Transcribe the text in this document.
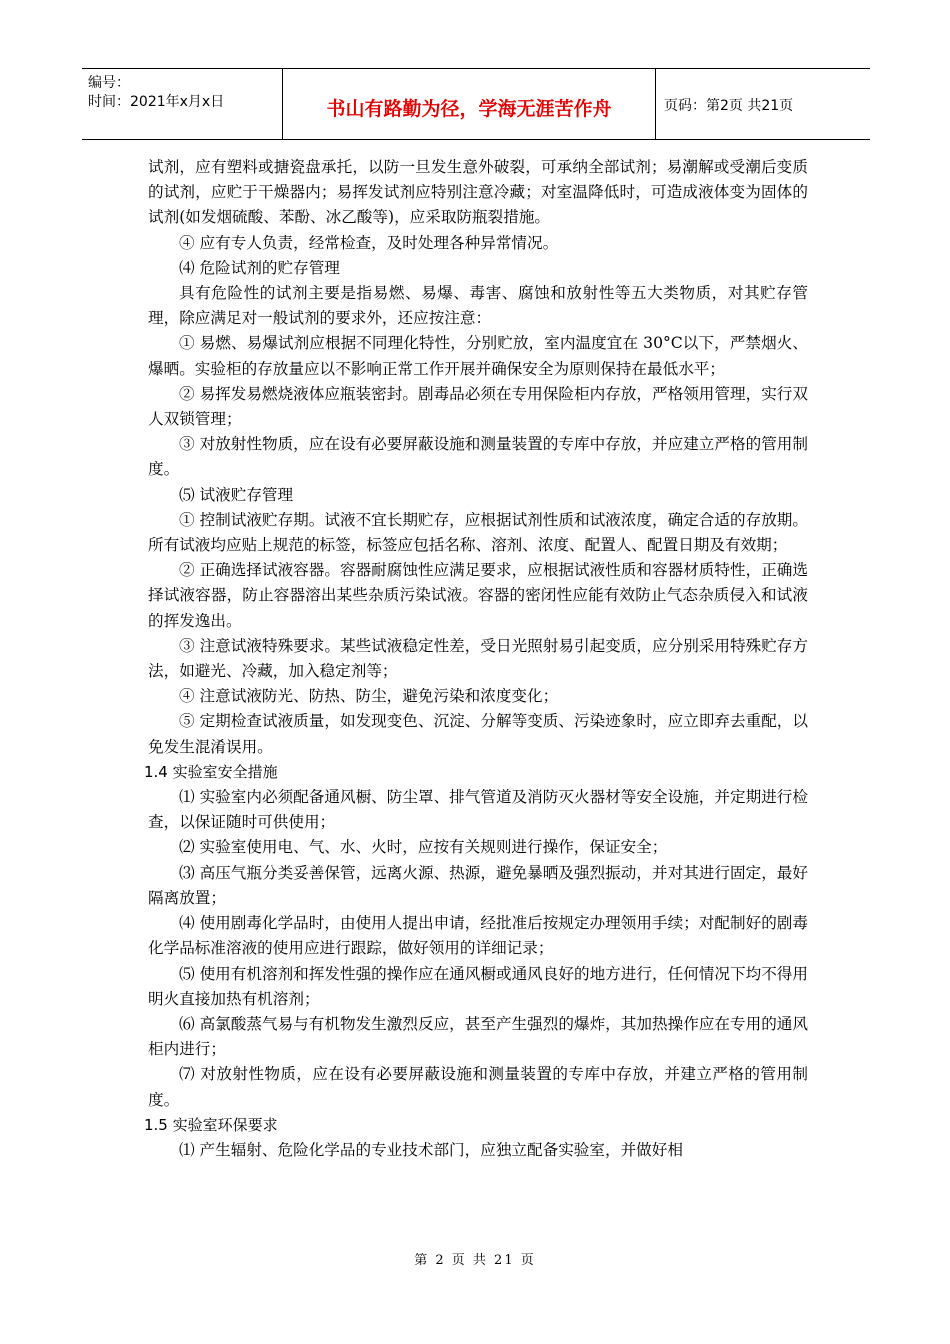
编号：
时间：2021年x月x日	书山有路勤为径，学海无涯苦作舟	页码：第2页 共21页

试剂，应有塑料或搪瓷盘承托，以防一旦发生意外破裂，可承纳全部试剂；易潮解或受潮后变质的试剂，应贮于干燥器内；易挥发试剂应特别注意冷藏；对室温降低时，可造成液体变为固体的试剂(如发烟硫酸、苯酚、冰乙酸等)，应采取防瓶裂措施。

④ 应有专人负责，经常检查，及时处理各种异常情况。

⑷ 危险试剂的贮存管理

具有危险性的试剂主要是指易燃、易爆、毒害、腐蚀和放射性等五大类物质，对其贮存管理，除应满足对一般试剂的要求外，还应按注意：

① 易燃、易爆试剂应根据不同理化特性，分别贮放，室内温度宜在 30°C以下，严禁烟火、爆晒。实验柜的存放量应以不影响正常工作开展并确保安全为原则保持在最低水平；

② 易挥发易燃烧液体应瓶装密封。剧毒品必须在专用保险柜内存放，严格领用管理，实行双人双锁管理；

③ 对放射性物质，应在设有必要屏蔽设施和测量装置的专库中存放，并应建立严格的管用制度。

⑸ 试液贮存管理

① 控制试液贮存期。试液不宜长期贮存，应根据试剂性质和试液浓度，确定合适的存放期。所有试液均应贴上规范的标签，标签应包括名称、溶剂、浓度、配置人、配置日期及有效期；

② 正确选择试液容器。容器耐腐蚀性应满足要求，应根据试液性质和容器材质特性，正确选择试液容器，防止容器溶出某些杂质污染试液。容器的密闭性应能有效防止气态杂质侵入和试液的挥发逸出。

③ 注意试液特殊要求。某些试液稳定性差，受日光照射易引起变质，应分别采用特殊贮存方法，如避光、冷藏，加入稳定剂等；

④ 注意试液防光、防热、防尘，避免污染和浓度变化；

⑤ 定期检查试液质量，如发现变色、沉淀、分解等变质、污染迹象时，应立即弃去重配，以免发生混淆误用。

1.4 实验室安全措施

⑴ 实验室内必须配备通风橱、防尘罩、排气管道及消防灭火器材等安全设施，并定期进行检查，以保证随时可供使用；

⑵ 实验室使用电、气、水、火时，应按有关规则进行操作，保证安全；

⑶ 高压气瓶分类妥善保管，远离火源、热源，避免暴晒及强烈振动，并对其进行固定，最好隔离放置；

⑷ 使用剧毒化学品时，由使用人提出申请，经批准后按规定办理领用手续；对配制好的剧毒化学品标准溶液的使用应进行跟踪，做好领用的详细记录；

⑸ 使用有机溶剂和挥发性强的操作应在通风橱或通风良好的地方进行，任何情况下均不得用明火直接加热有机溶剂；

⑹ 高氯酸蒸气易与有机物发生激烈反应，甚至产生强烈的爆炸，其加热操作应在专用的通风柜内进行；

⑺ 对放射性物质，应在设有必要屏蔽设施和测量装置的专库中存放，并建立严格的管用制度。

1.5 实验室环保要求

⑴ 产生辐射、危险化学品的专业技术部门，应独立配备实验室，并做好相

第 2 页 共 21 页
